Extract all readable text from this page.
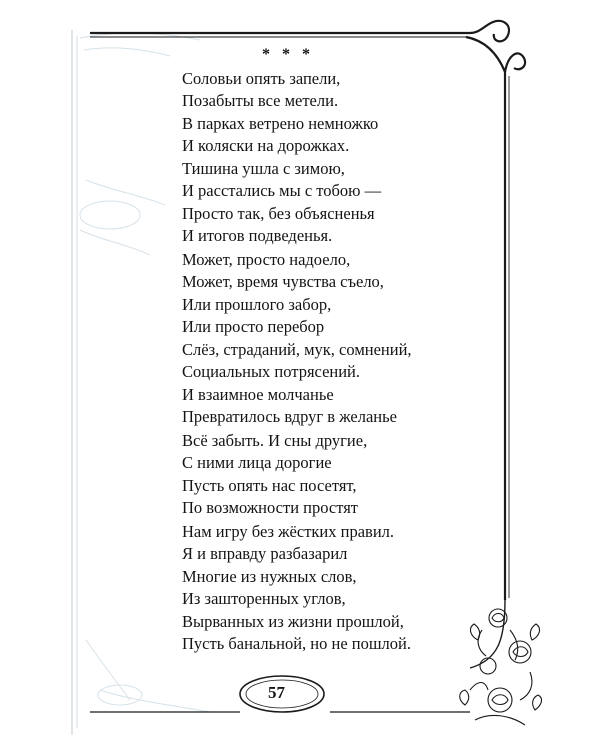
* * *
Соловьи опять запели,
Позабыты все метели.
В парках ветрено немножко
И коляски на дорожках.
Тишина ушла с зимою,
И расстались мы с тобою —
Просто так, без объясненья
И итогов подведенья.
Может, просто надоело,
Может, время чувства съело,
Или прошлого забор,
Или просто перебор
Слёз, страданий, мук, сомнений,
Социальных потрясений.
И взаимное молчанье
Превратилось вдруг в желанье
Всё забыть. И сны другие,
С ними лица дорогие
Пусть опять нас посетят,
По возможности простят
Нам игру без жёстких правил.
Я и вправду разбазарил
Многие из нужных слов,
Из зашторенных углов,
Вырванных из жизни прошлой,
Пусть банальной, но не пошлой.
57
